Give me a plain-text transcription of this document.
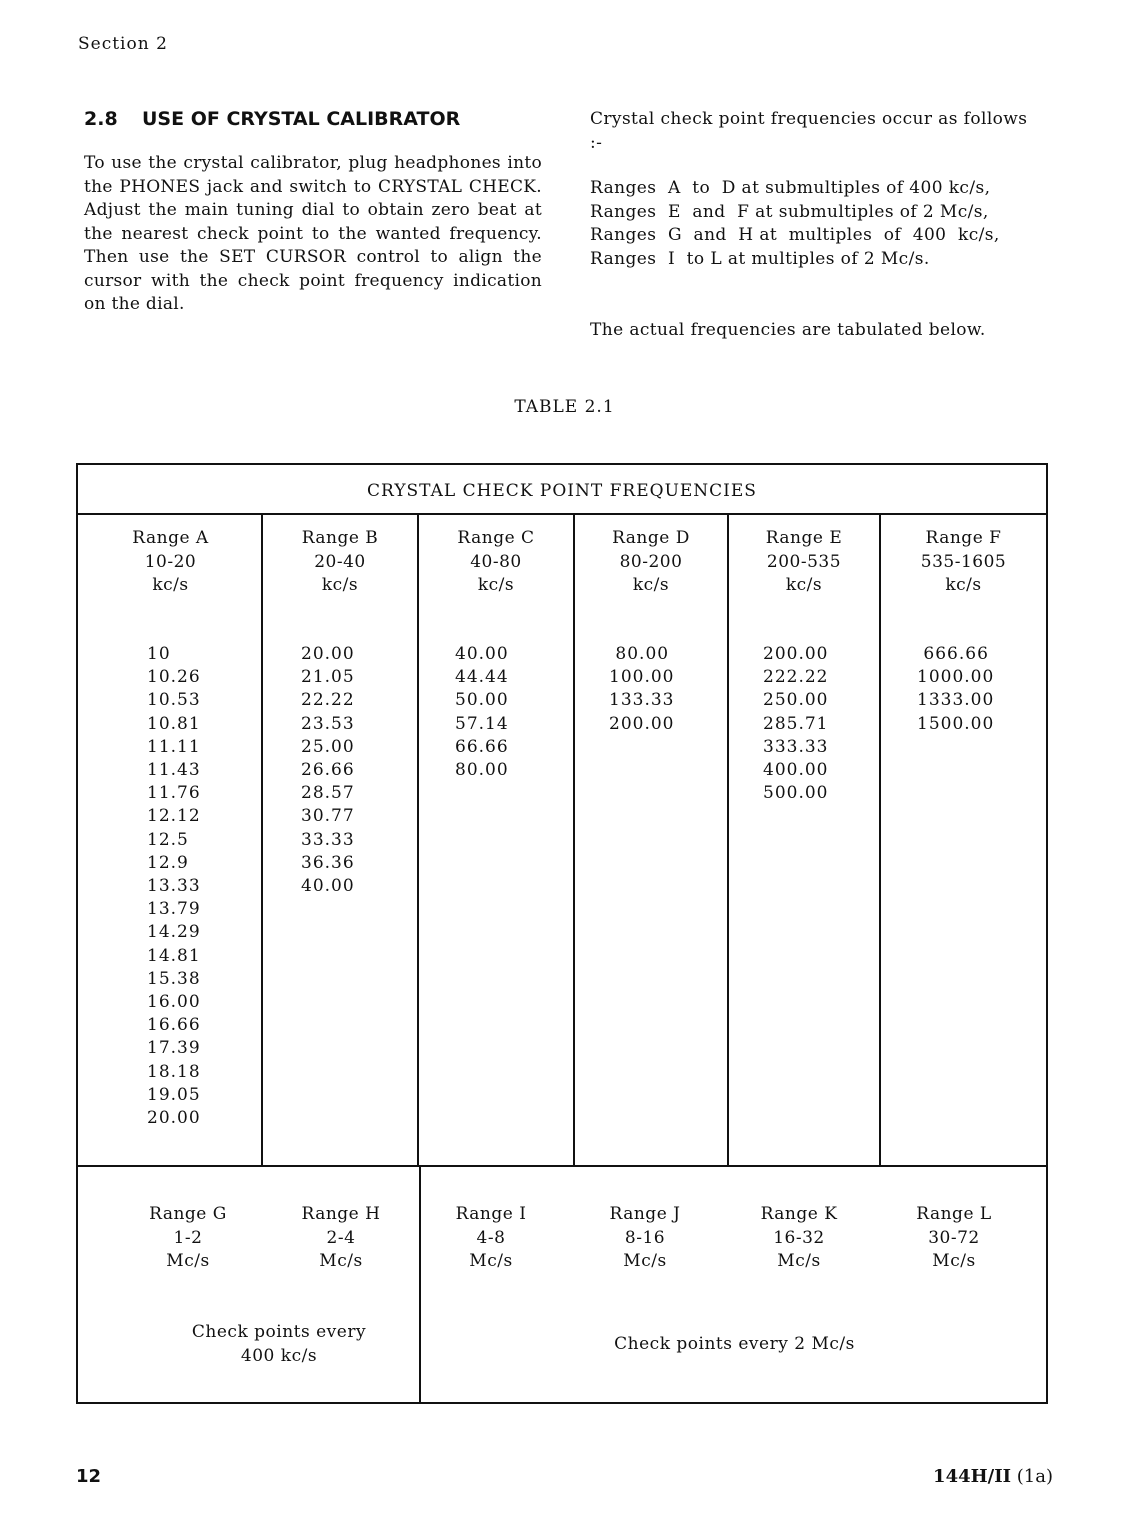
Section 2
2.8 USE OF CRYSTAL CALIBRATOR

To use the crystal calibrator, plug headphones into the PHONES jack and switch to CRYSTAL CHECK. Adjust the main tuning dial to obtain zero beat at the nearest check point to the wanted frequency. Then use the SET CURSOR control to align the cursor with the check point frequency indication on the dial.

Crystal check point frequencies occur as follows :-

Ranges  A  to  D at submultiples of 400 kc/s,
Ranges  E  and  F at submultiples of 2 Mc/s,
Ranges  G  and  H at  multiples  of  400  kc/s,
Ranges  I  to L at multiples of 2 Mc/s.

The actual frequencies are tabulated below.

TABLE 2.1
CRYSTAL CHECK POINT FREQUENCIES
Range A
10-20
kc/s
10
10.26
10.53
10.81
11.11
11.43
11.76
12.12
12.5
12.9
13.33
13.79
14.29
14.81
15.38
16.00
16.66
17.39
18.18
19.05
20.00
Range B
20-40
kc/s
20.00
21.05
22.22
23.53
25.00
26.66
28.57
30.77
33.33
36.36
40.00
Range C
40-80
kc/s
40.00
44.44
50.00
57.14
66.66
80.00
Range D
80-200
kc/s
80.00
100.00
133.33
200.00
Range E
200-535
kc/s
200.00
222.22
250.00
285.71
333.33
400.00
500.00
Range F
535-1605
kc/s
666.66
1000.00
1333.00
1500.00
Range G
1-2
Mc/s
Range H
2-4
Mc/s
Range I
4-8
Mc/s
Range J
8-16
Mc/s
Range K
16-32
Mc/s
Range L
30-72
Mc/s
Check points every 400 kc/s
Check points every 2 Mc/s
12	144H/II (1a)
